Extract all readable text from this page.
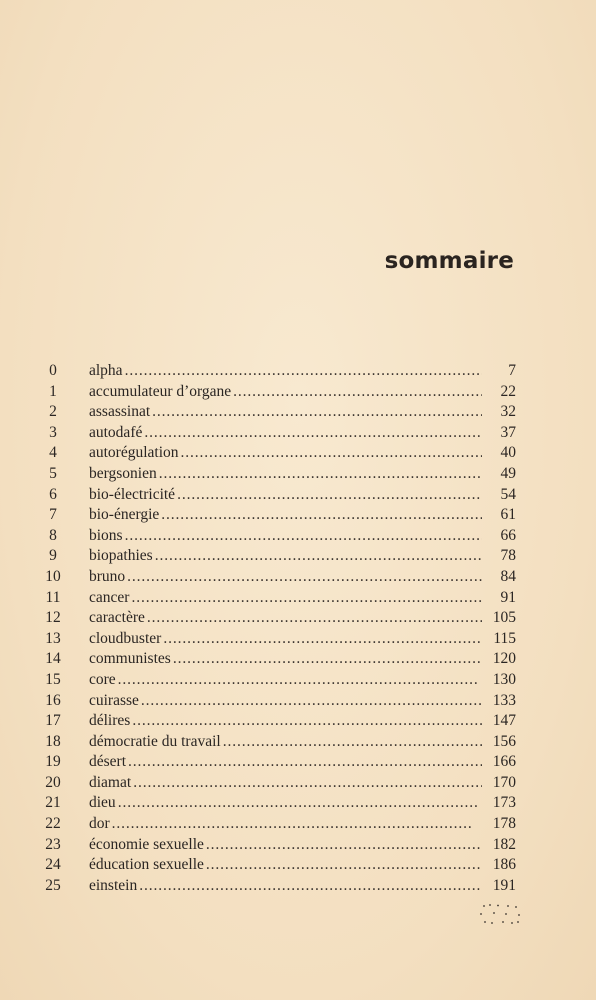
sommaire
0	alpha . . .	7
1	accumulateur d’organe . . .	22
2	assassinat . . .	32
3	autodafé . . .	37
4	autorégulation . . .	40
5	bergsonien . . .	49
6	bio-électricité . . .	54
7	bio-énergie . . .	61
8	bions . . .	66
9	biopathies . . .	78
10	bruno . . .	84
11	cancer . . .	91
12	caractère . . .	105
13	cloudbuster . . .	115
14	communistes . . .	120
15	core . . .	130
16	cuirasse . . .	133
17	délires . . .	147
18	démocratie du travail . . .	156
19	désert . . .	166
20	diamat . . .	170
21	dieu . . .	173
22	dor . . .	178
23	économie sexuelle . . .	182
24	éducation sexuelle . . .	186
25	einstein . . .	191
